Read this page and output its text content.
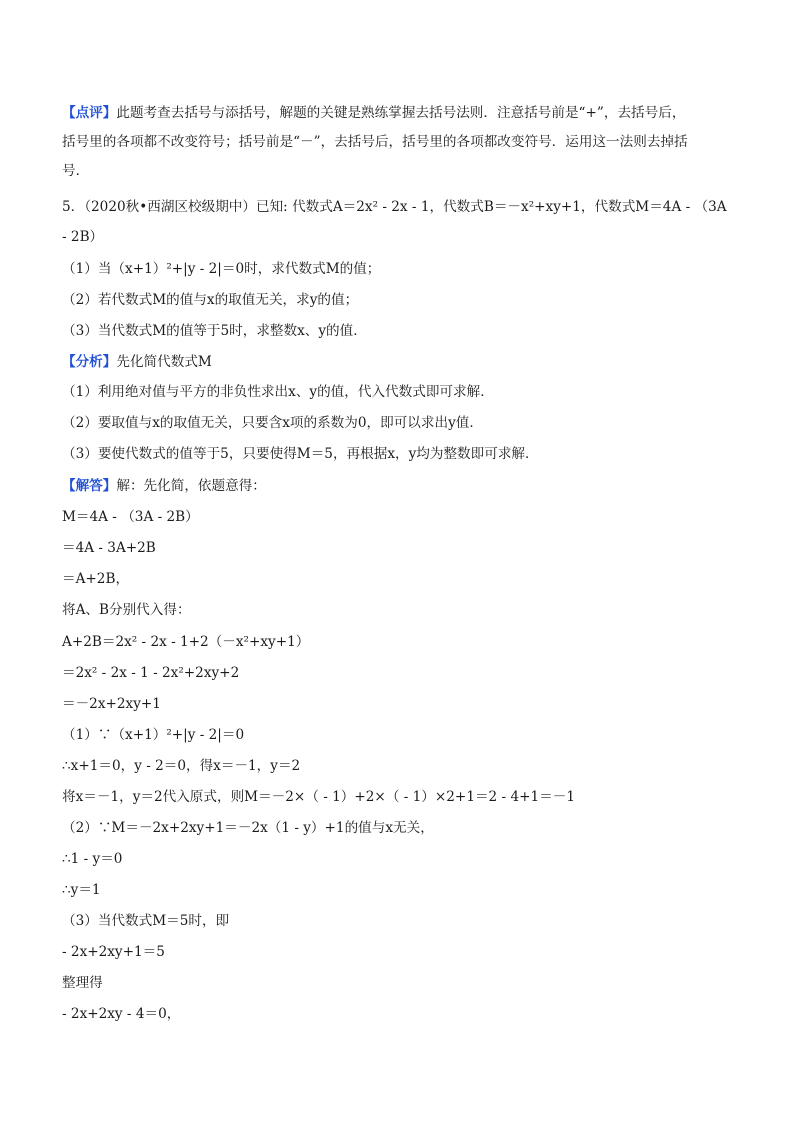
【点评】此题考查去括号与添括号，解题的关键是熟练掌握去括号法则．注意括号前是“+”，去括号后，
括号里的各项都不改变符号；括号前是“－”，去括号后，括号里的各项都改变符号．运用这一法则去掉括
号．
5．（2020秋•西湖区校级期中）已知: 代数式A＝2x² - 2x - 1，代数式B＝－x²+xy+1，代数式M＝4A - （3A
- 2B）
（1）当（x+1）²+|y - 2|＝0时，求代数式M的值；
（2）若代数式M的值与x的取值无关，求y的值；
（3）当代数式M的值等于5时，求整数x、y的值．
【分析】先化简代数式M
（1）利用绝对值与平方的非负性求出x、y的值，代入代数式即可求解．
（2）要取值与x的取值无关，只要含x项的系数为0，即可以求出y值．
（3）要使代数式的值等于5，只要使得M＝5，再根据x，y均为整数即可求解．
【解答】解：先化简，依题意得：
M＝4A - （3A - 2B）
＝4A - 3A+2B
＝A+2B，
将A、B分别代入得：
A+2B＝2x² - 2x - 1+2（－x²+xy+1）
＝2x² - 2x - 1 - 2x²+2xy+2
＝－2x+2xy+1
（1）∵（x+1）²+|y - 2|＝0
∴x+1＝0，y - 2＝0，得x＝－1，y＝2
将x＝－1，y＝2代入原式，则M＝－2×（ - 1）+2×（ - 1）×2+1＝2 - 4+1＝－1
（2）∵M＝－2x+2xy+1＝－2x（1 - y）+1的值与x无关，
∴1 - y＝0
∴y＝1
（3）当代数式M＝5时，即
- 2x+2xy+1＝5
整理得
- 2x+2xy - 4＝0，
